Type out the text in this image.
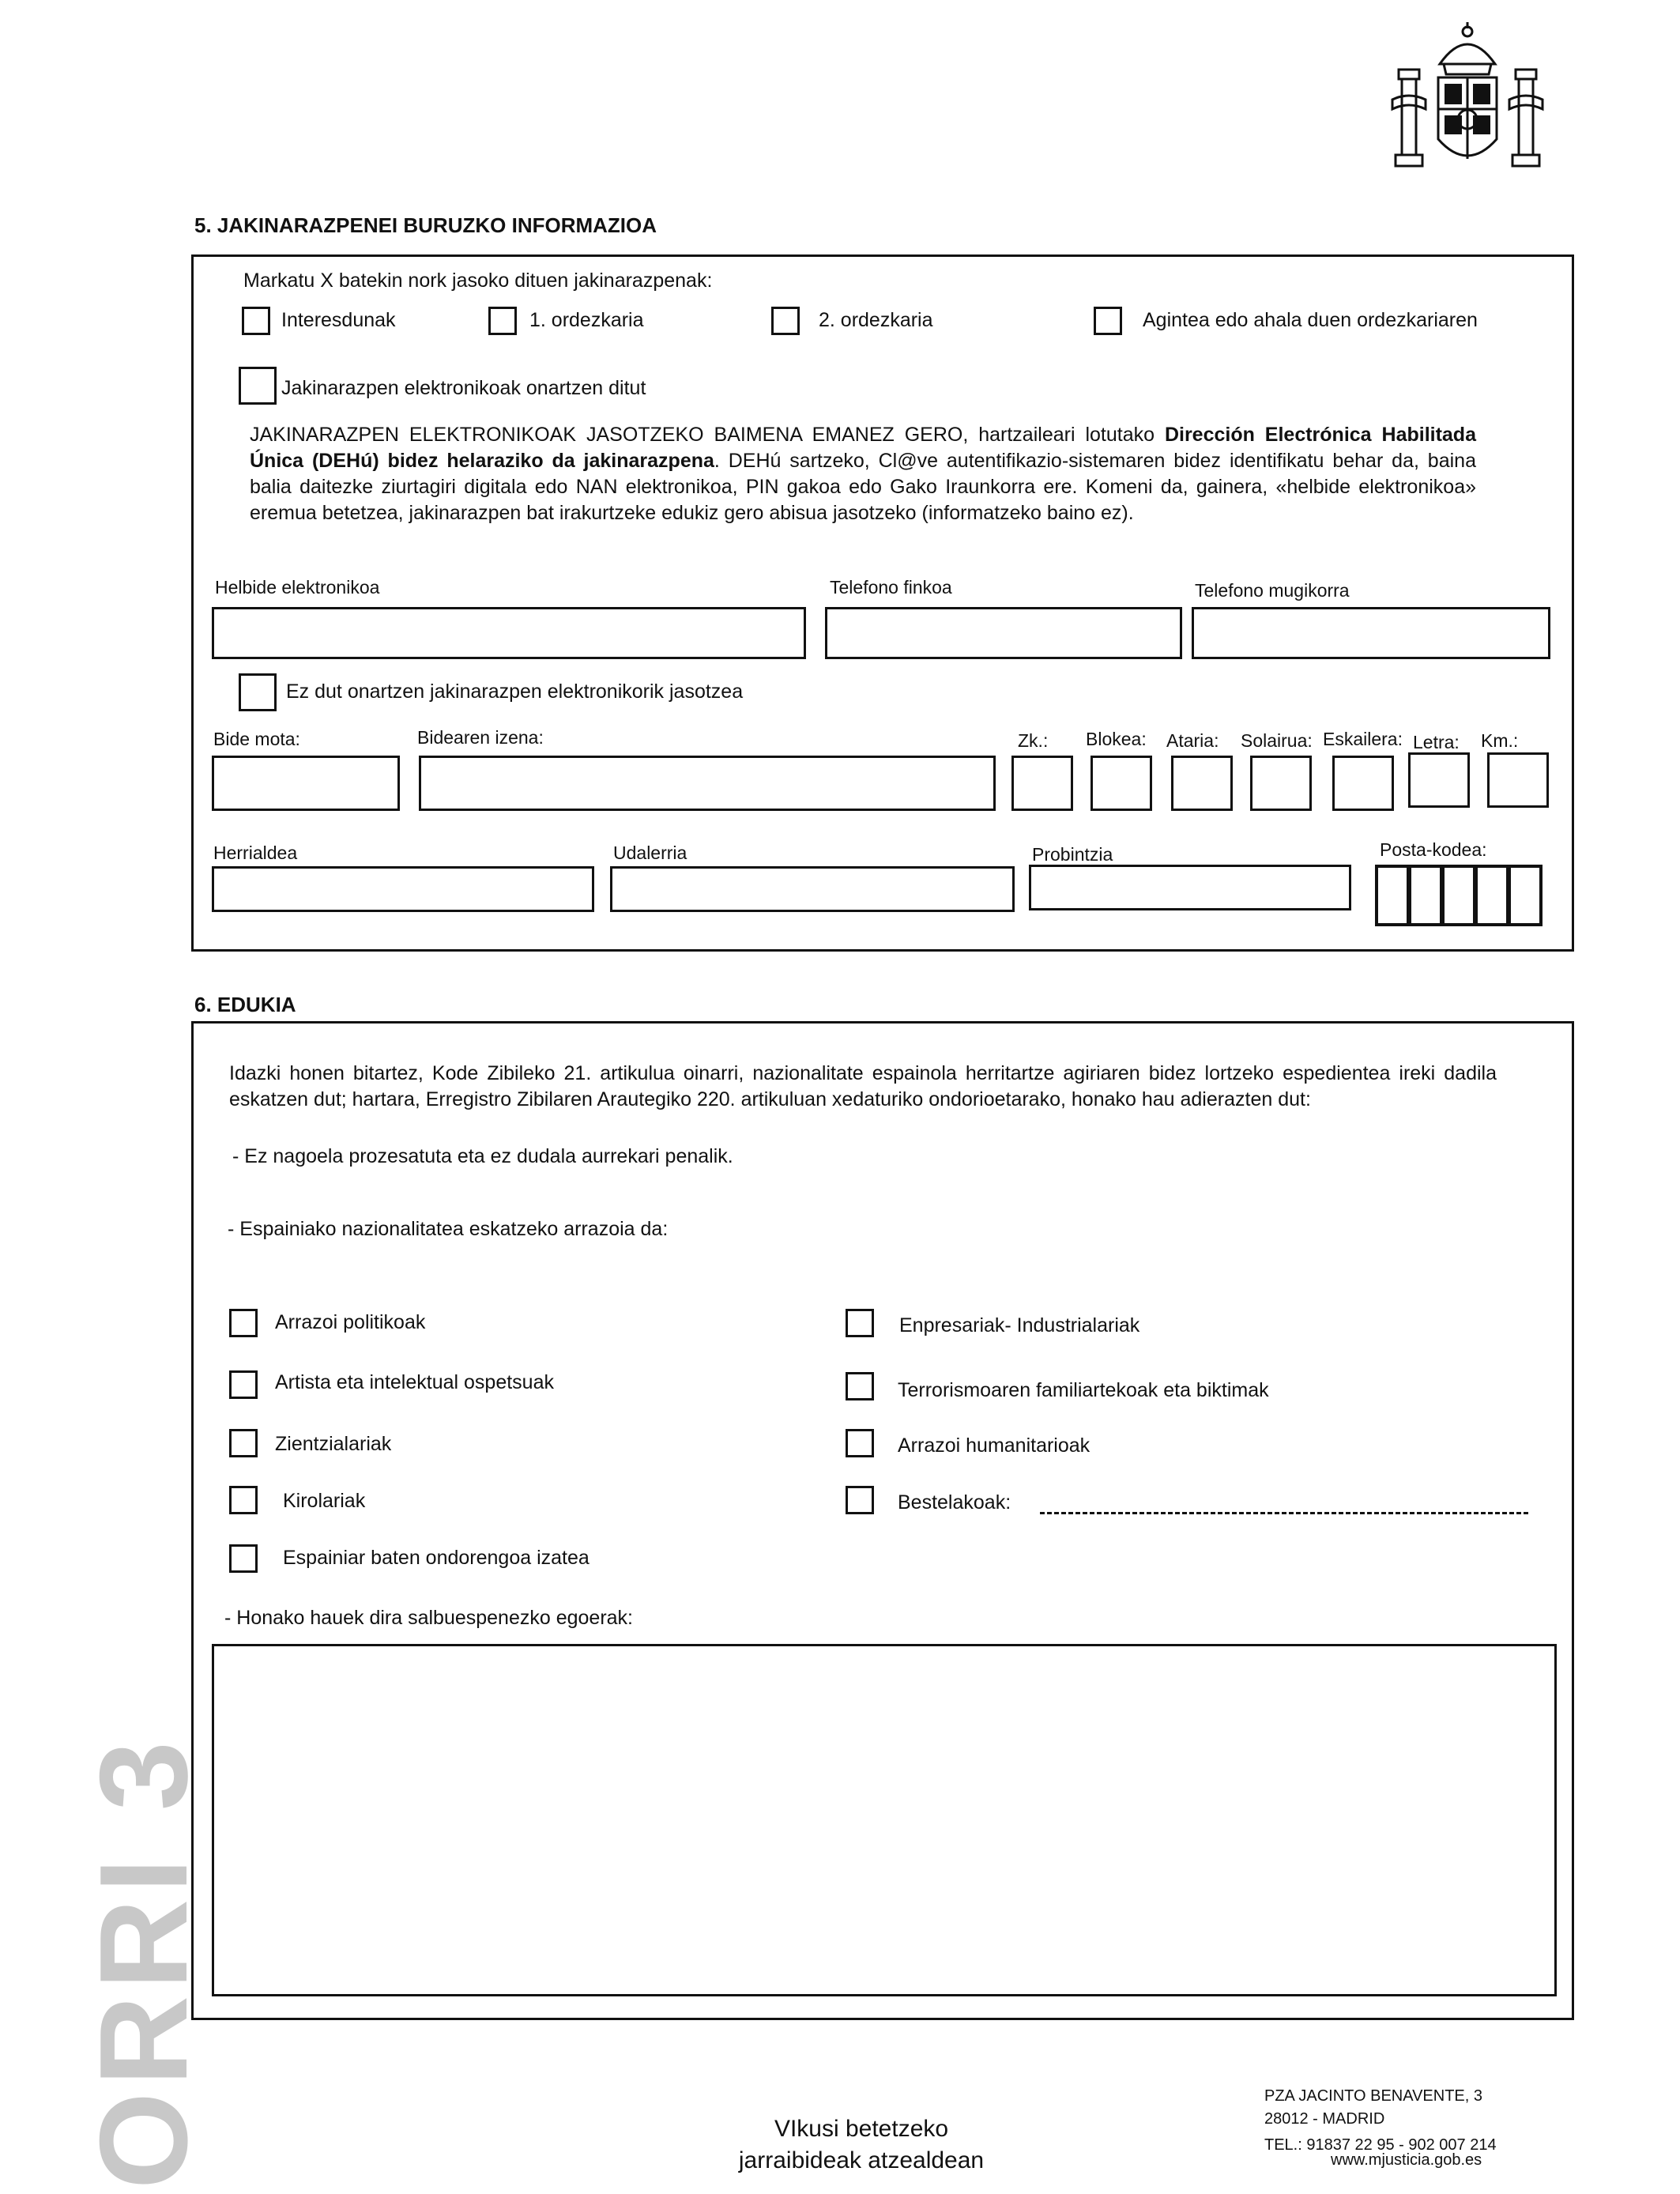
5. JAKINARAZPENEI BURUZKO INFORMAZIOA
Markatu X batekin nork jasoko dituen jakinarazpenak:
Interesdunak	1. ordezkaria	2. ordezkaria	Agintea edo ahala duen ordezkariaren
Jakinarazpen elektronikoak onartzen ditut
JAKINARAZPEN ELEKTRONIKOAK JASOTZEKO BAIMENA EMANEZ GERO, hartzaileari lotutako Dirección Electrónica Habilitada Única (DEHú) bidez helaraziko da jakinarazpena. DEHú sartzeko, Cl@ve autentifikazio-sistemaren bidez identifikatu behar da, baina balia daitezke ziurtagiri digitala edo NAN elektronikoa, PIN gakoa edo Gako Iraunkorra ere. Komeni da, gainera, «helbide elektronikoa» eremua betetzea, jakinarazpen bat irakurtzeke edukiz gero abisua jasotzeko (informatzeko baino ez).
Helbide elektronikoa	Telefono finkoa	Telefono mugikorra
Ez dut onartzen jakinarazpen elektronikorik jasotzea
Bide mota:	Bidearen izena:	Zk.: Blokea: Ataria: Solairua: Eskailera: Letra: Km.:
Herrialdea	Udalerria	Probintzia	Posta-kodea:
6. EDUKIA
Idazki honen bitartez, Kode Zibileko 21. artikulua oinarri, nazionalitate espainola herritartze agiriaren bidez lortzeko espedientea ireki dadila eskatzen dut; hartara, Erregistro Zibilaren Arautegiko 220. artikuluan xedaturiko ondorioetarako, honako hau adierazten dut:
- Ez nagoela prozesatuta eta ez dudala aurrekari penalik.
- Espainiako nazionalitatea eskatzeko arrazoia da:
Arrazoi politikoak
Artista eta intelektual ospetsuak
Zientzialariak
Kirolariak
Espainiar baten ondorengoa izatea
Enpresariak- Industrialariak
Terrorismoaren familiartekoak eta biktimak
Arrazoi humanitarioak
Bestelakoak:
- Honako hauek dira salbuespenezko egoerak:
ORRI 3	VIkusi betetzeko
jarraibideak atzealdean
PZA JACINTO BENAVENTE, 3
28012 - MADRID
TEL.: 91837 22 95 - 902 007 214
www.mjusticia.gob.es
